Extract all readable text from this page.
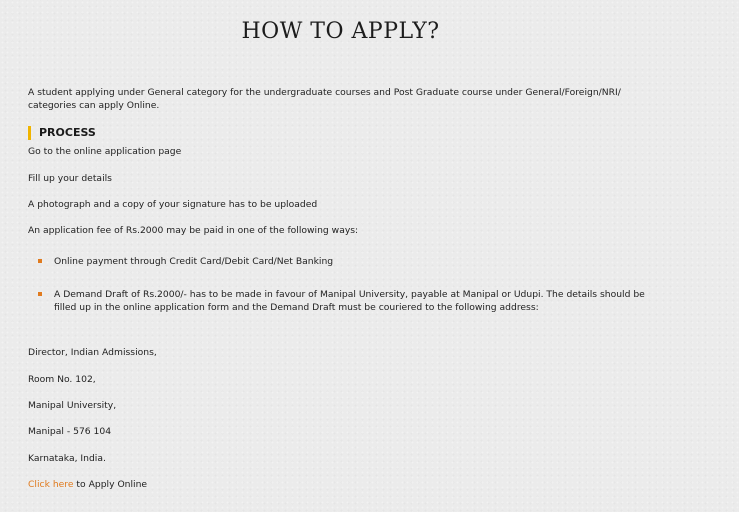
HOW TO APPLY?

A student applying under General category for the undergraduate courses and Post Graduate course under General/Foreign/NRI/ categories can apply Online.

PROCESS

Go to the online application page

Fill up your details

A photograph and a copy of your signature has to be uploaded

An application fee of Rs.2000 may be paid in one of the following ways:

Online payment through Credit Card/Debit Card/Net Banking
A Demand Draft of Rs.2000/- has to be made in favour of Manipal University, payable at Manipal or Udupi. The details should be filled up in the online application form and the Demand Draft must be couriered to the following address:

Director, Indian Admissions,

Room No. 102,

Manipal University,

Manipal - 576 104

Karnataka, India.

Click here to Apply Online
